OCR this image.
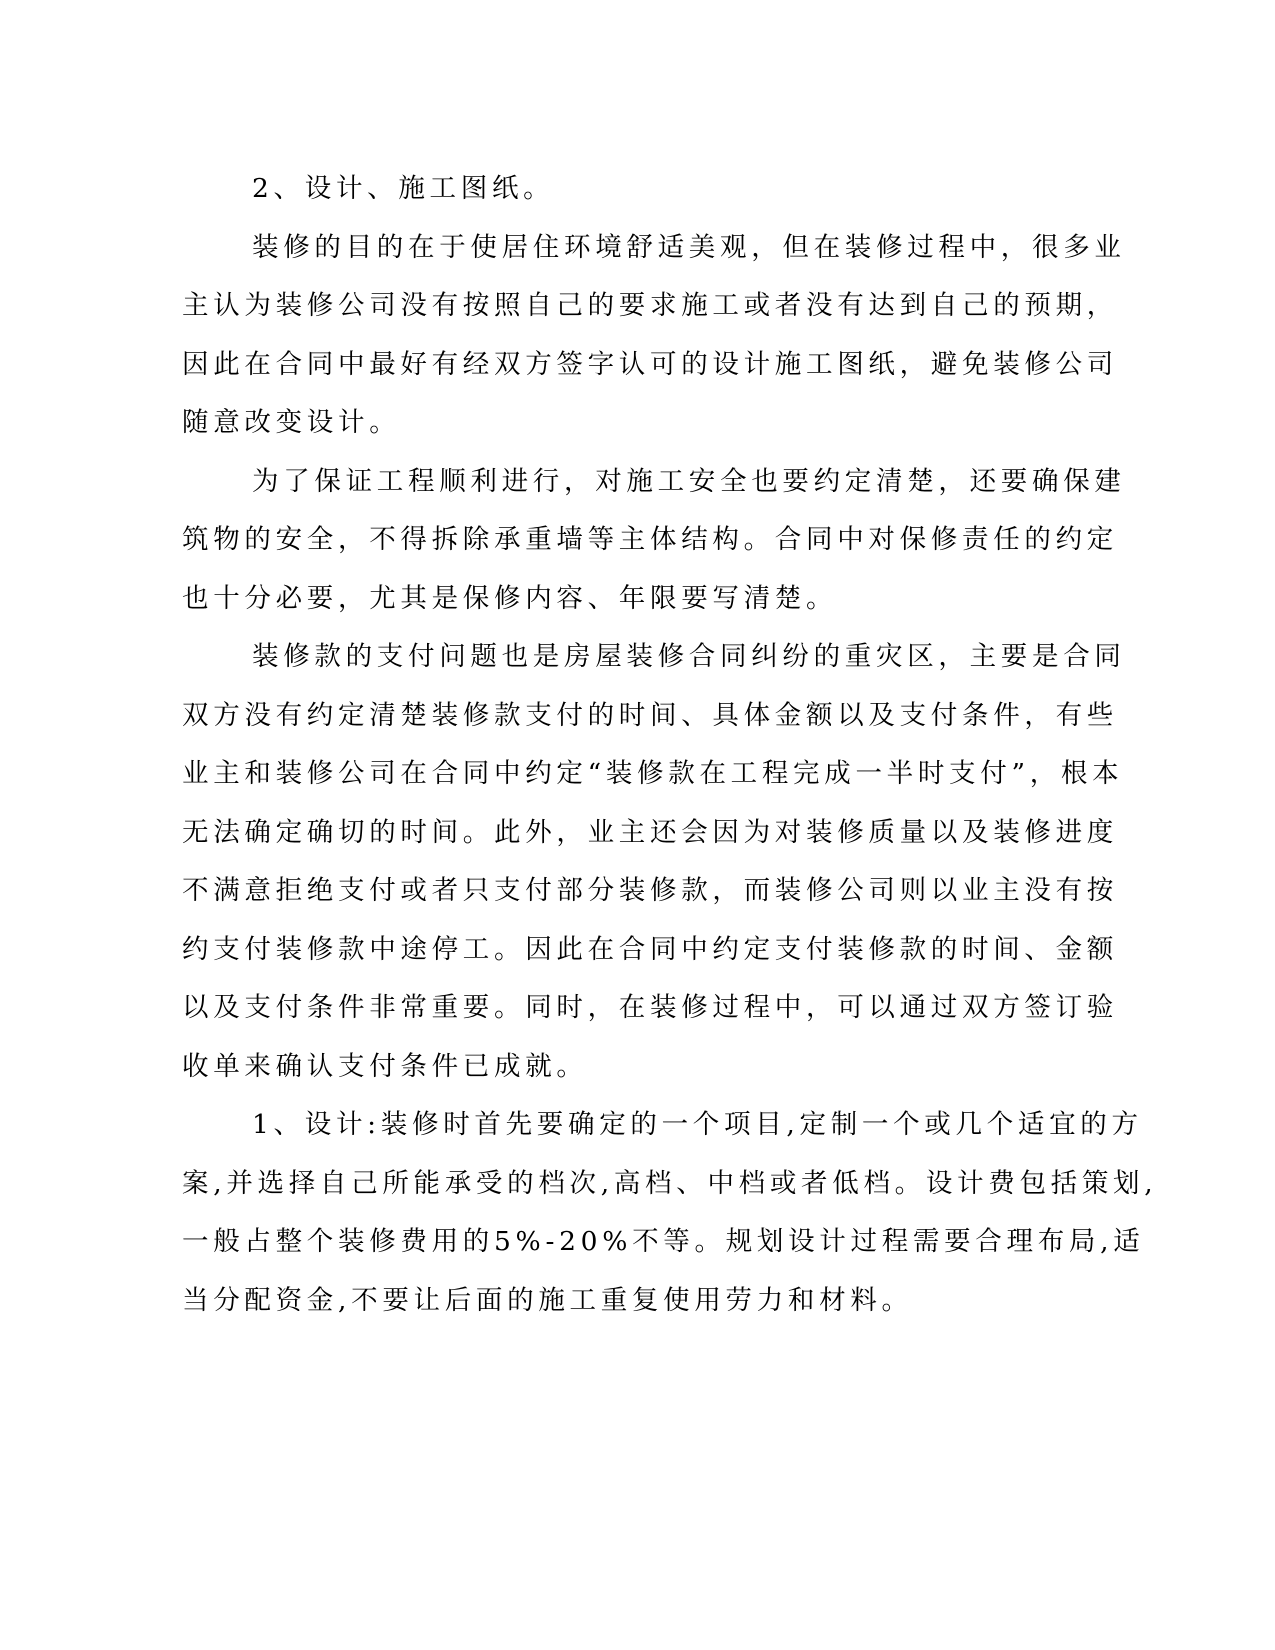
2、设计、施工图纸。
装修的目的在于使居住环境舒适美观，但在装修过程中，很多业
主认为装修公司没有按照自己的要求施工或者没有达到自己的预期，
因此在合同中最好有经双方签字认可的设计施工图纸，避免装修公司
随意改变设计。
为了保证工程顺利进行，对施工安全也要约定清楚，还要确保建
筑物的安全，不得拆除承重墙等主体结构。合同中对保修责任的约定
也十分必要，尤其是保修内容、年限要写清楚。
装修款的支付问题也是房屋装修合同纠纷的重灾区，主要是合同
双方没有约定清楚装修款支付的时间、具体金额以及支付条件，有些
业主和装修公司在合同中约定“装修款在工程完成一半时支付”，根本
无法确定确切的时间。此外，业主还会因为对装修质量以及装修进度
不满意拒绝支付或者只支付部分装修款，而装修公司则以业主没有按
约支付装修款中途停工。因此在合同中约定支付装修款的时间、金额
以及支付条件非常重要。同时，在装修过程中，可以通过双方签订验
收单来确认支付条件已成就。
1、设计:装修时首先要确定的一个项目,定制一个或几个适宜的方
案,并选择自己所能承受的档次,高档、中档或者低档。设计费包括策划,
一般占整个装修费用的5%-20%不等。规划设计过程需要合理布局,适
当分配资金,不要让后面的施工重复使用劳力和材料。
